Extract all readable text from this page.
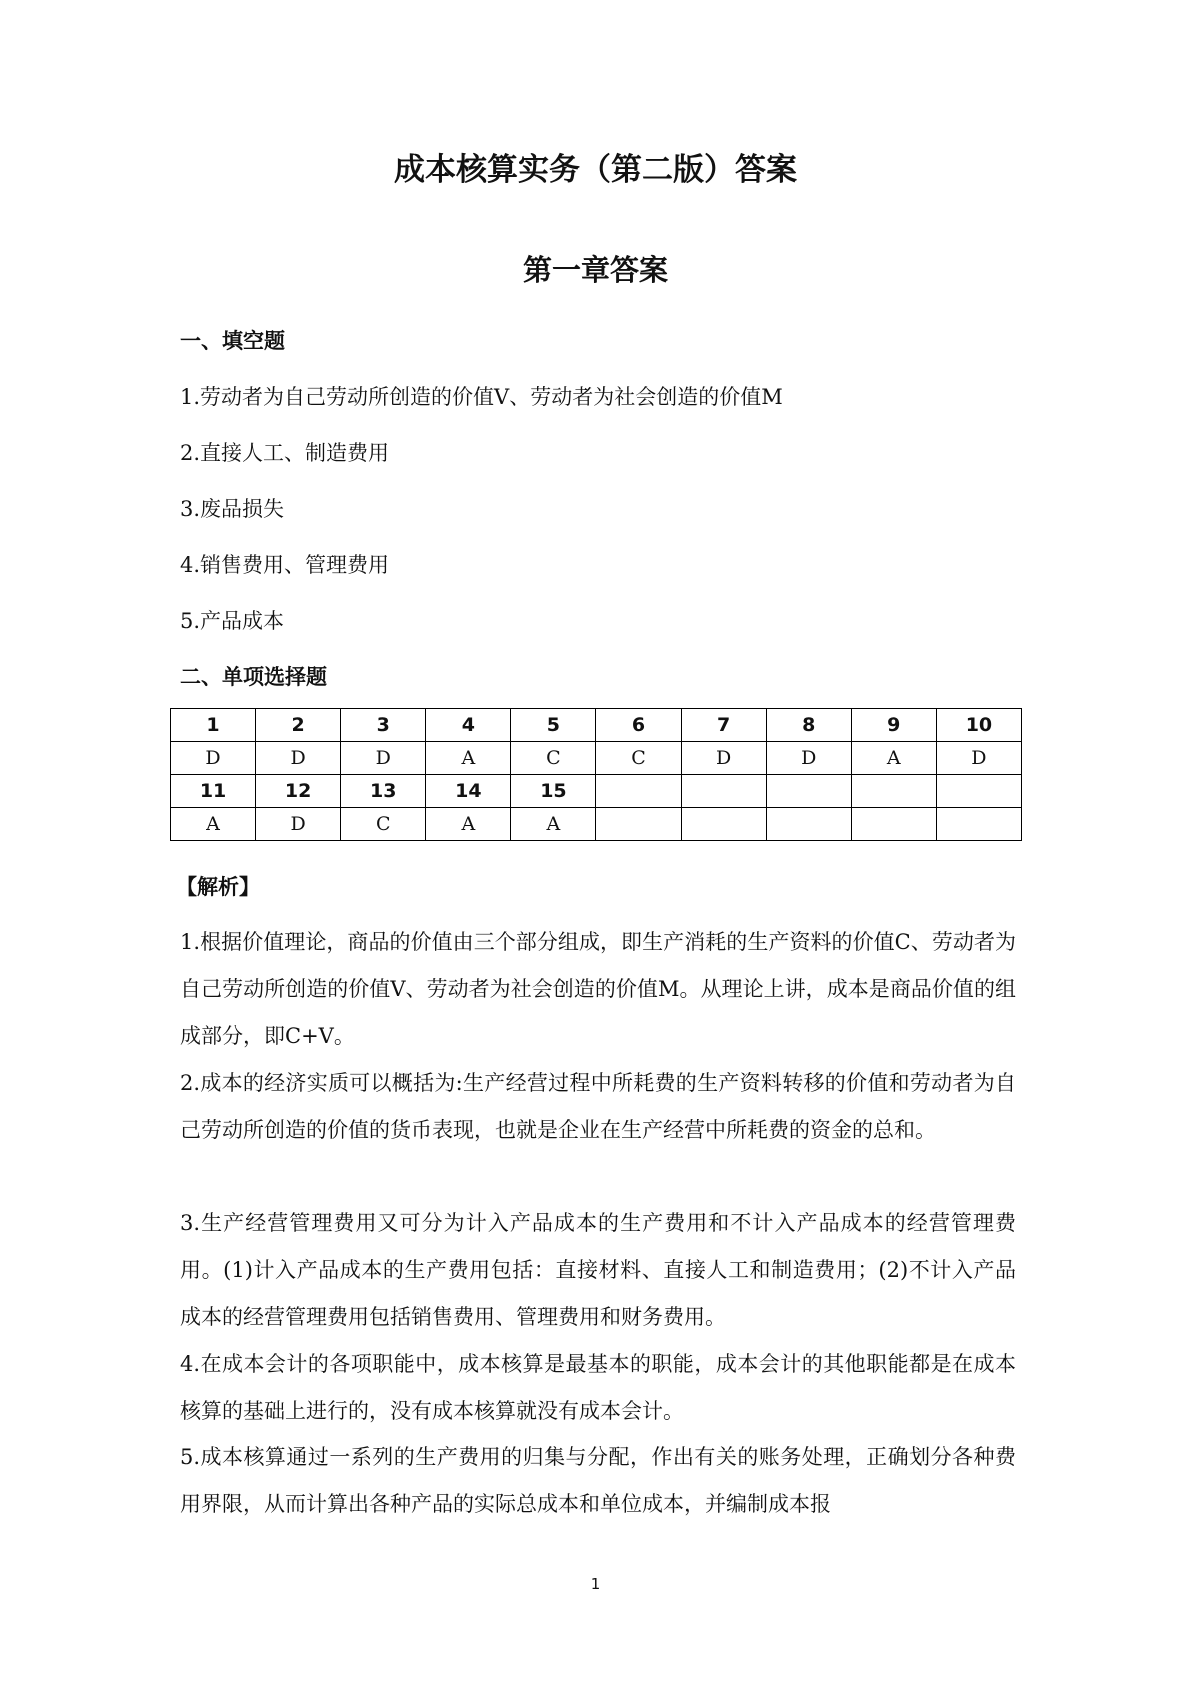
成本核算实务（第二版）答案
第一章答案
一、填空题
1.劳动者为自己劳动所创造的价值V、劳动者为社会创造的价值M
2.直接人工、制造费用
3.废品损失
4.销售费用、管理费用
5.产品成本
二、单项选择题
1	2	3	4	5	6	7	8	9	10
D	D	D	A	C	C	D	D	A	D
11	12	13	14	15					
A	D	C	A	A					
【解析】
1.根据价值理论，商品的价值由三个部分组成，即生产消耗的生产资料的价值C、劳动者为自己劳动所创造的价值V、劳动者为社会创造的价值M。从理论上讲，成本是商品价值的组成部分，即C+V。
2.成本的经济实质可以概括为:生产经营过程中所耗费的生产资料转移的价值和劳动者为自己劳动所创造的价值的货币表现，也就是企业在生产经营中所耗费的资金的总和。
3.生产经营管理费用又可分为计入产品成本的生产费用和不计入产品成本的经营管理费用。(1)计入产品成本的生产费用包括：直接材料、直接人工和制造费用；(2)不计入产品成本的经营管理费用包括销售费用、管理费用和财务费用。
4.在成本会计的各项职能中，成本核算是最基本的职能，成本会计的其他职能都是在成本核算的基础上进行的，没有成本核算就没有成本会计。
5.成本核算通过一系列的生产费用的归集与分配，作出有关的账务处理，正确划分各种费用界限，从而计算出各种产品的实际总成本和单位成本，并编制成本报
1
